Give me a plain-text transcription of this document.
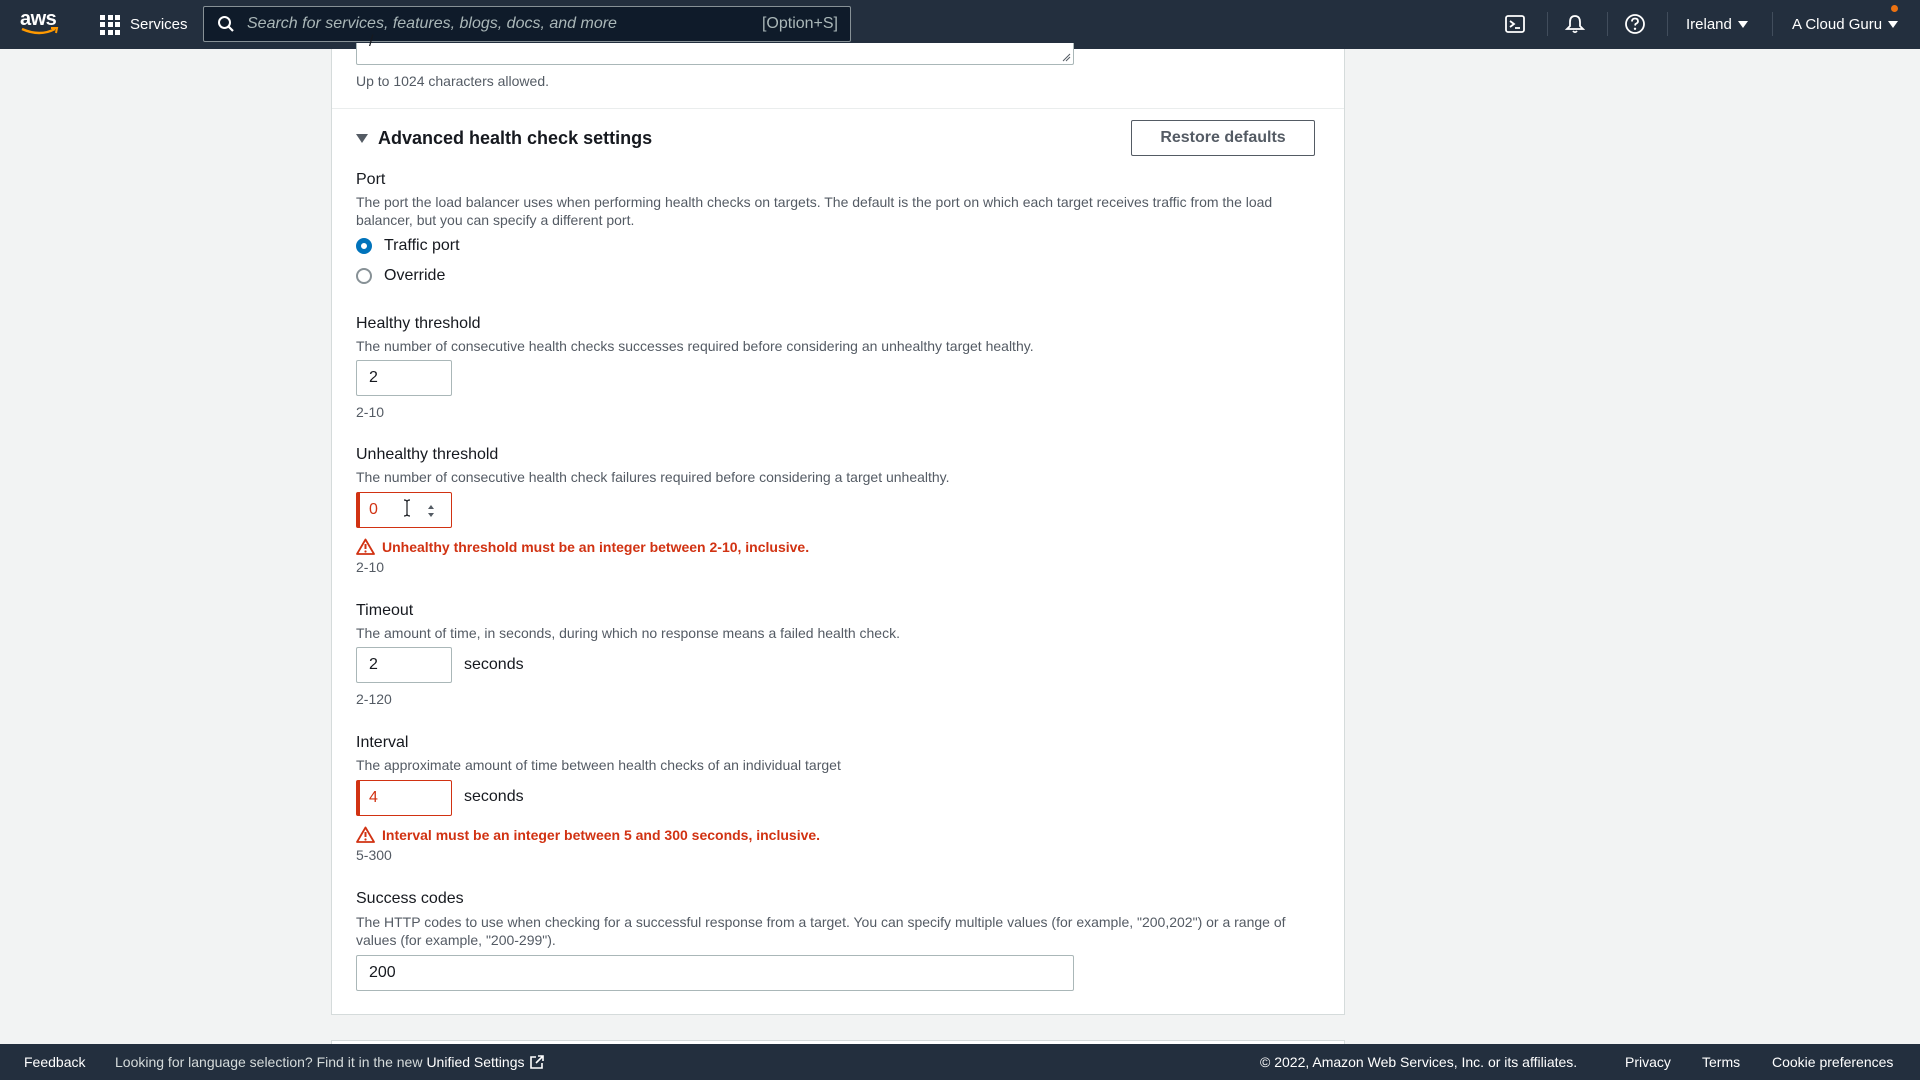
aws	Services	Search for services, features, blogs, docs, and more	[Option+S]	Ireland	A Cloud Guru
/
Up to 1024 characters allowed.
Advanced health check settings	Restore defaults
Port
The port the load balancer uses when performing health checks on targets. The default is the port on which each target receives traffic from the load balancer, but you can specify a different port.
Traffic port
Override
Healthy threshold
The number of consecutive health checks successes required before considering an unhealthy target healthy.
2
2-10
Unhealthy threshold
The number of consecutive health check failures required before considering a target unhealthy.
0
Unhealthy threshold must be an integer between 2-10, inclusive.
2-10
Timeout
The amount of time, in seconds, during which no response means a failed health check.
2	seconds
2-120
Interval
The approximate amount of time between health checks of an individual target
4	seconds
Interval must be an integer between 5 and 300 seconds, inclusive.
5-300
Success codes
The HTTP codes to use when checking for a successful response from a target. You can specify multiple values (for example, "200,202") or a range of values (for example, "200-299").
200
Feedback Looking for language selection? Find it in the new Unified Settings	© 2022, Amazon Web Services, Inc. or its affiliates.	Privacy Terms Cookie preferences
